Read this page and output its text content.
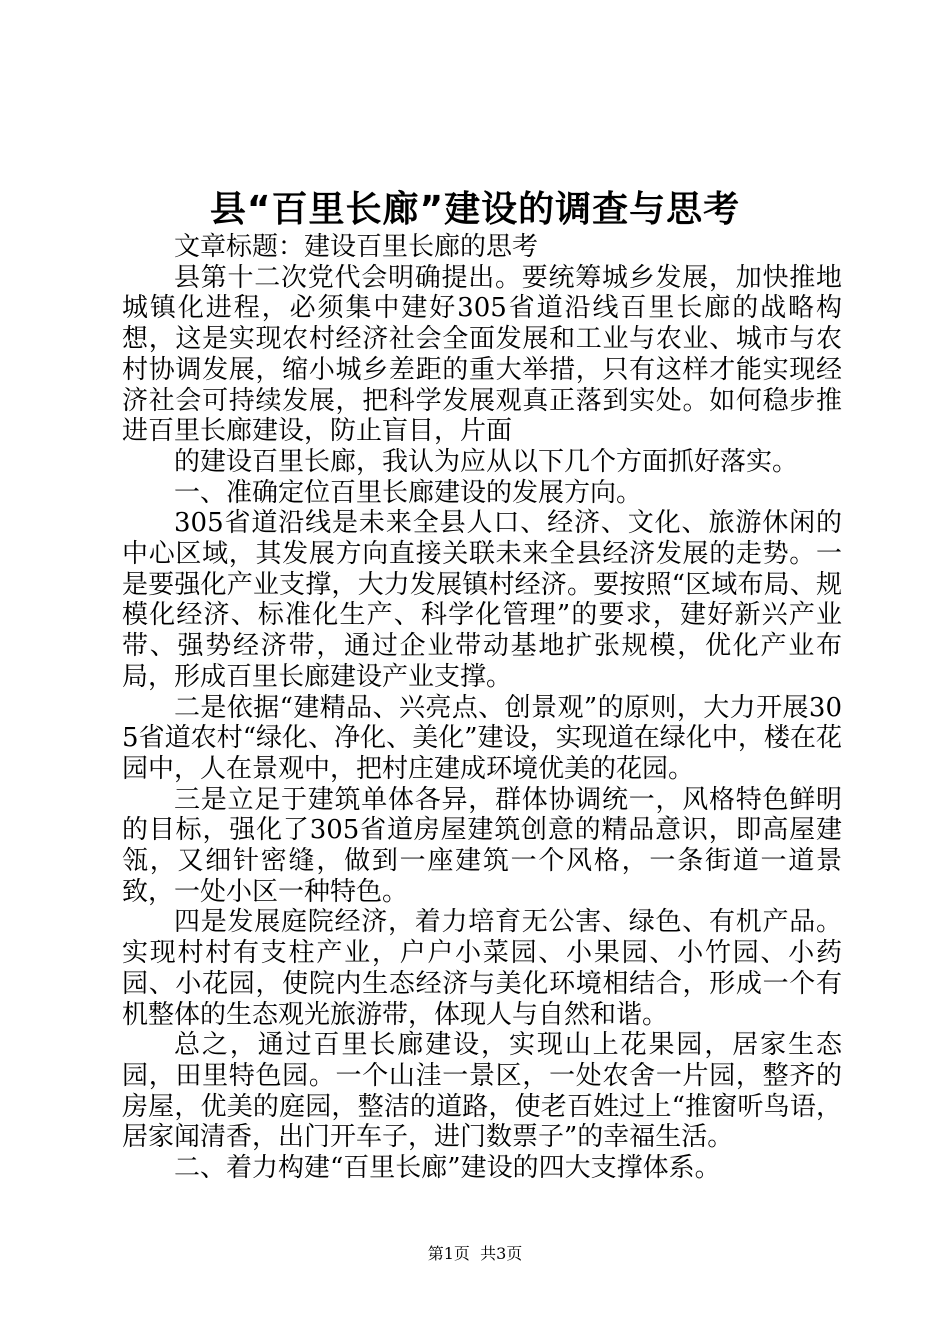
县“百里长廊”建设的调查与思考

文章标题：建设百里长廊的思考

县第十二次党代会明确提出。要统筹城乡发展，加快推地城镇化进程，必须集中建好305省道沿线百里长廊的战略构想，这是实现农村经济社会全面发展和工业与农业、城市与农村协调发展，缩小城乡差距的重大举措，只有这样才能实现经济社会可持续发展，把科学发展观真正落到实处。如何稳步推进百里长廊建设，防止盲目，片面

的建设百里长廊，我认为应从以下几个方面抓好落实。

一、准确定位百里长廊建设的发展方向。

305省道沿线是未来全县人口、经济、文化、旅游休闲的中心区域，其发展方向直接关联未来全县经济发展的走势。一是要强化产业支撑，大力发展镇村经济。要按照“区域布局、规模化经济、标准化生产、科学化管理”的要求，建好新兴产业带、强势经济带，通过企业带动基地扩张规模，优化产业布局，形成百里长廊建设产业支撑。

二是依据“建精品、兴亮点、创景观”的原则，大力开展305省道农村“绿化、净化、美化”建设，实现道在绿化中，楼在花园中，人在景观中，把村庄建成环境优美的花园。

三是立足于建筑单体各异，群体协调统一，风格特色鲜明的目标，强化了305省道房屋建筑创意的精品意识，即高屋建瓴，又细针密缝，做到一座建筑一个风格，一条街道一道景致，一处小区一种特色。

四是发展庭院经济，着力培育无公害、绿色、有机产品。实现村村有支柱产业，户户小菜园、小果园、小竹园、小药园、小花园，使院内生态经济与美化环境相结合，形成一个有机整体的生态观光旅游带，体现人与自然和谐。

总之，通过百里长廊建设，实现山上花果园，居家生态园，田里特色园。一个山洼一景区，一处农舍一片园，整齐的房屋，优美的庭园，整洁的道路，使老百姓过上“推窗听鸟语，居家闻清香，出门开车子，进门数票子”的幸福生活。

二、着力构建“百里长廊”建设的四大支撑体系。

第1页  共3页
